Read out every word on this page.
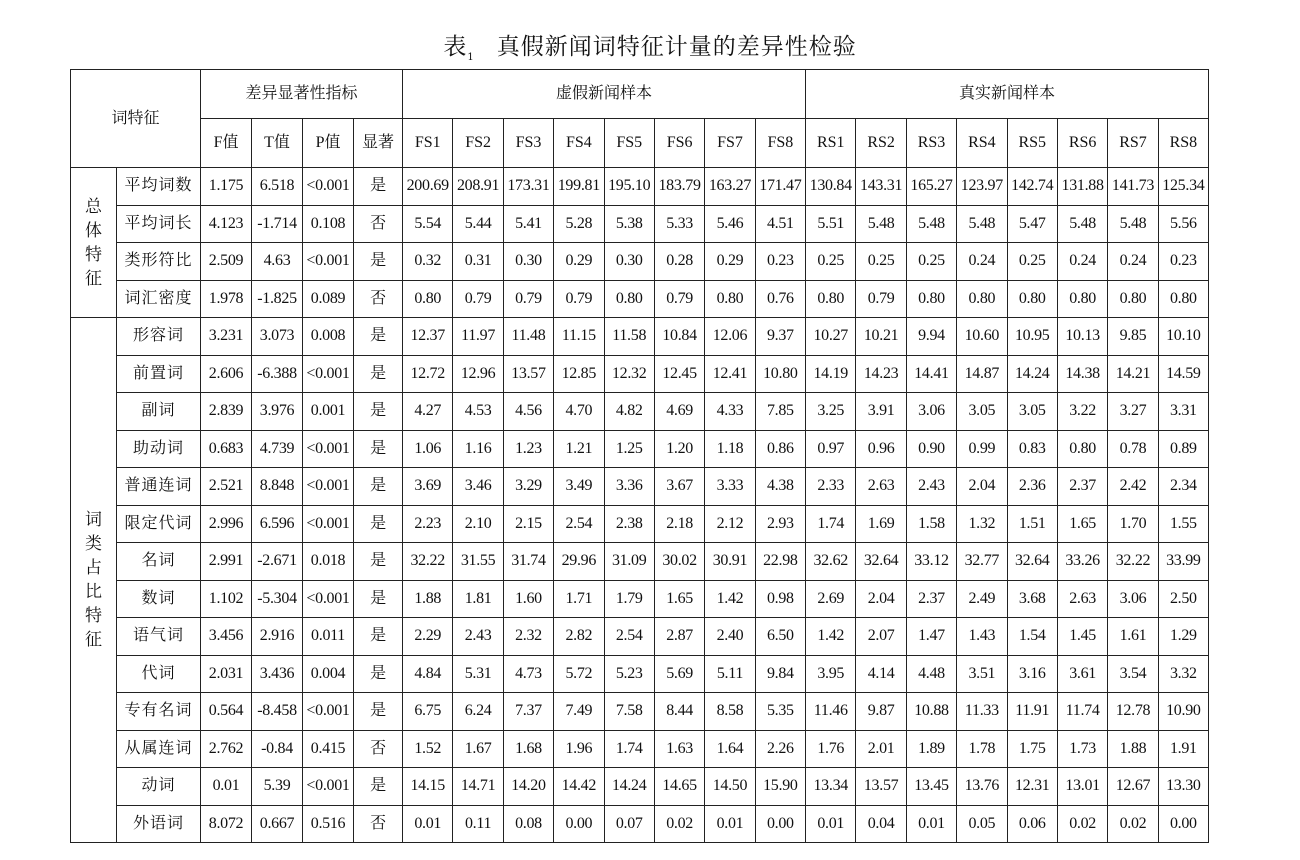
表$_1$ 真假新闻词特征计量的差异性检验
词特征		差异显著性指标				虚假新闻样本								真实新闻样本							
		F值	T值	P值	显著	FS1	FS2	FS3	FS4	FS5	FS6	FS7	FS8	RS1	RS2	RS3	RS4	RS5	RS6	RS7	RS8
总体特征	平均词数	1.175	6.518	<0.001	是	200.69	208.91	173.31	199.81	195.10	183.79	163.27	171.47	130.84	143.31	165.27	123.97	142.74	131.88	141.73	125.34
	平均词长	4.123	-1.714	0.108	否	5.54	5.44	5.41	5.28	5.38	5.33	5.46	4.51	5.51	5.48	5.48	5.48	5.47	5.48	5.48	5.56
	类形符比	2.509	4.63	<0.001	是	0.32	0.31	0.30	0.29	0.30	0.28	0.29	0.23	0.25	0.25	0.25	0.24	0.25	0.24	0.24	0.23
	词汇密度	1.978	-1.825	0.089	否	0.80	0.79	0.79	0.79	0.80	0.79	0.80	0.76	0.80	0.79	0.80	0.80	0.80	0.80	0.80	0.80
词类占比特征	形容词	3.231	3.073	0.008	是	12.37	11.97	11.48	11.15	11.58	10.84	12.06	9.37	10.27	10.21	9.94	10.60	10.95	10.13	9.85	10.10
	前置词	2.606	-6.388	<0.001	是	12.72	12.96	13.57	12.85	12.32	12.45	12.41	10.80	14.19	14.23	14.41	14.87	14.24	14.38	14.21	14.59
	副词	2.839	3.976	0.001	是	4.27	4.53	4.56	4.70	4.82	4.69	4.33	7.85	3.25	3.91	3.06	3.05	3.05	3.22	3.27	3.31
	助动词	0.683	4.739	<0.001	是	1.06	1.16	1.23	1.21	1.25	1.20	1.18	0.86	0.97	0.96	0.90	0.99	0.83	0.80	0.78	0.89
	普通连词	2.521	8.848	<0.001	是	3.69	3.46	3.29	3.49	3.36	3.67	3.33	4.38	2.33	2.63	2.43	2.04	2.36	2.37	2.42	2.34
	限定代词	2.996	6.596	<0.001	是	2.23	2.10	2.15	2.54	2.38	2.18	2.12	2.93	1.74	1.69	1.58	1.32	1.51	1.65	1.70	1.55
	名词	2.991	-2.671	0.018	是	32.22	31.55	31.74	29.96	31.09	30.02	30.91	22.98	32.62	32.64	33.12	32.77	32.64	33.26	32.22	33.99
	数词	1.102	-5.304	<0.001	是	1.88	1.81	1.60	1.71	1.79	1.65	1.42	0.98	2.69	2.04	2.37	2.49	3.68	2.63	3.06	2.50
	语气词	3.456	2.916	0.011	是	2.29	2.43	2.32	2.82	2.54	2.87	2.40	6.50	1.42	2.07	1.47	1.43	1.54	1.45	1.61	1.29
	代词	2.031	3.436	0.004	是	4.84	5.31	4.73	5.72	5.23	5.69	5.11	9.84	3.95	4.14	4.48	3.51	3.16	3.61	3.54	3.32
	专有名词	0.564	-8.458	<0.001	是	6.75	6.24	7.37	7.49	7.58	8.44	8.58	5.35	11.46	9.87	10.88	11.33	11.91	11.74	12.78	10.90
	从属连词	2.762	-0.84	0.415	否	1.52	1.67	1.68	1.96	1.74	1.63	1.64	2.26	1.76	2.01	1.89	1.78	1.75	1.73	1.88	1.91
	动词	0.01	5.39	<0.001	是	14.15	14.71	14.20	14.42	14.24	14.65	14.50	15.90	13.34	13.57	13.45	13.76	12.31	13.01	12.67	13.30
	外语词	8.072	0.667	0.516	否	0.01	0.11	0.08	0.00	0.07	0.02	0.01	0.00	0.01	0.04	0.01	0.05	0.06	0.02	0.02	0.00
